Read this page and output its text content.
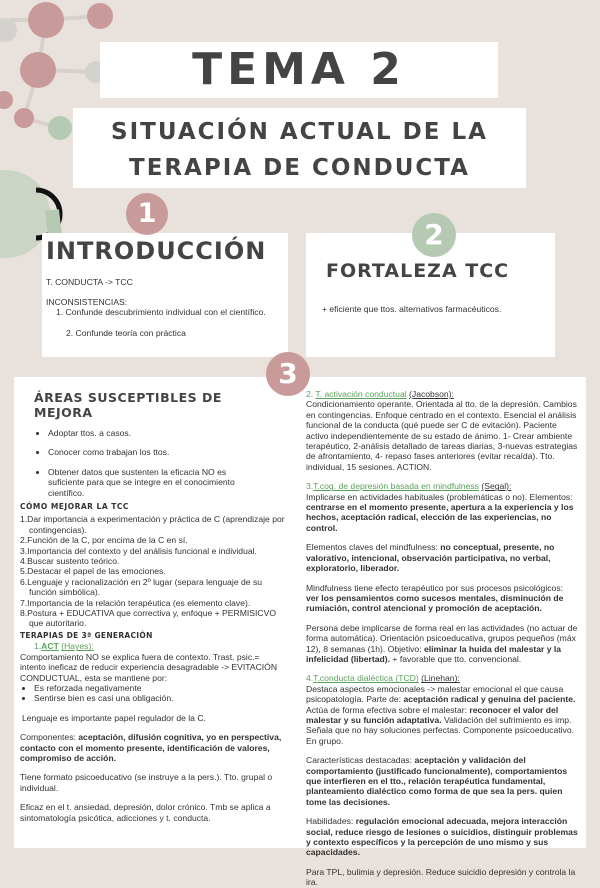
TEMA 2
SITUACIÓN ACTUAL DE LA
TERAPIA DE CONDUCTA
INTRODUCCIÓN
T. CONDUCTA -> TCC
INCONSISTENCIAS:
1. Confunde descubrimiento individual con el científico.
2. Confunde teoría con práctica
1
FORTALEZA TCC
+ eficiente que ttos. alternativos farmacéuticos.
2
3
ÁREAS SUSCEPTIBLES DE MEJORA
• Adoptar ttos. a casos.
• Conocer como trabajan los ttos.
• Obtener datos que sustenten la eficacia NO es suficiente para que se integre en el conocimiento científico.
CÓMO MEJORAR LA TCC
1.Dar importancia a experimentación y práctica de C (aprendizaje por contingencias).
2.Función de la C, por encima de la C en sí.
3.Importancia del contexto y del análisis funcional e individual.
4.Buscar sustento teórico.
5.Destacar el papel de las emociones.
6.Lenguaje y racionalización en 2º lugar (separa lenguaje de su función simbólica).
7.Importancia de la relación terapéutica (es elemento clave).
8.Postura + EDUCATIVA que correctiva y, enfoque + PERMISICVO que autoritario.
TERAPIAS DE 3ª GENERACIÓN
1.ACT (Hayes):
Comportamiento NO se explica fuera de contexto. Trast. psic.= intento ineficaz de reducir experiencia desagradable -> EVITACIÓN CONDUCTUAL, esta se mantiene por:
• Es reforzada negativamente
• Sentirse bien es casi una obligación.
Lenguaje es importante papel regulador de la C.
Componentes: aceptación, difusión cognitiva, yo en perspectiva, contacto con el momento presente, identificación de valores, compromiso de acción.
Tiene formato psicoeducativo (se instruye a la pers.). Tto. grupal o individual.
Eficaz en el t. ansiedad, depresión, dolor crónico. Tmb se aplica a sintomatología psicótica, adicciones y t. conducta.
2. T. activación conductual (Jacobson):
Condicionamiento operante. Orientada al tto. de la depresión. Cambios en contingencias. Enfoque centrado en el contexto. Esencial el análisis funcional de la conducta (qué puede ser C de evitación). Paciente activo independientemente de su estado de ánimo. 1- Crear ambiente terapéutico, 2-análisis detallado de tareas diarias, 3-nuevas estrategias de afrontamiento, 4- repaso fases anteriores (evitar recaída). Tto. individual, 15 sesiones. ACTION.
3.T.cog. de depresión basada en mindfulness (Segal):
Implicarse en actividades habituales (problemáticas o no). Elementos: centrarse en el momento presente, apertura a la experiencia y los hechos, aceptación radical, elección de las experiencias, no control.
Elementos claves del mindfulness: no conceptual, presente, no valorativo, intencional, observación participativa, no verbal, exploratorio, liberador.
Mindfulness tiene efecto terapéutico por sus procesos psicológicos: ver los pensamientos como sucesos mentales, disminución de rumiación, control atencional y promoción de aceptación.
Persona debe implicarse de forma real en las actividades (no actuar de forma automática). Orientación psicoeducativa, grupos pequeños (máx 12), 8 semanas (1h). Objetivo: eliminar la huida del malestar y la infelicidad (libertad). + favorable que tto. convencional.
4.T.conducta dialéctica (TCD) (Linehan):
Destaca aspectos emocionales -> malestar emocional el que causa psicopatología. Parte de: aceptación radical y genuina del paciente. Actúa de forma efectiva sobre el malestar: reconocer el valor del malestar y su función adaptativa. Validación del sufrimiento es imp. Señala que no hay soluciones perfectas. Componente psicoeducativo. En grupo.
Características destacadas: aceptación y validación del comportamiento (justificado funcionalmente), comportamientos que interfieren en el tto., relación terapéutica fundamental, planteamiento dialéctico como forma de que sea la pers. quien tome las decisiones.
Habilidades: regulación emocional adecuada, mejora interacción social, reduce riesgo de lesiones o suicidios, distinguir problemas y contexto específicos y la percepción de uno mismo y sus capacidades.
Para TPL, bulimia y depresión. Reduce suicidio depresión y controla la ira.
